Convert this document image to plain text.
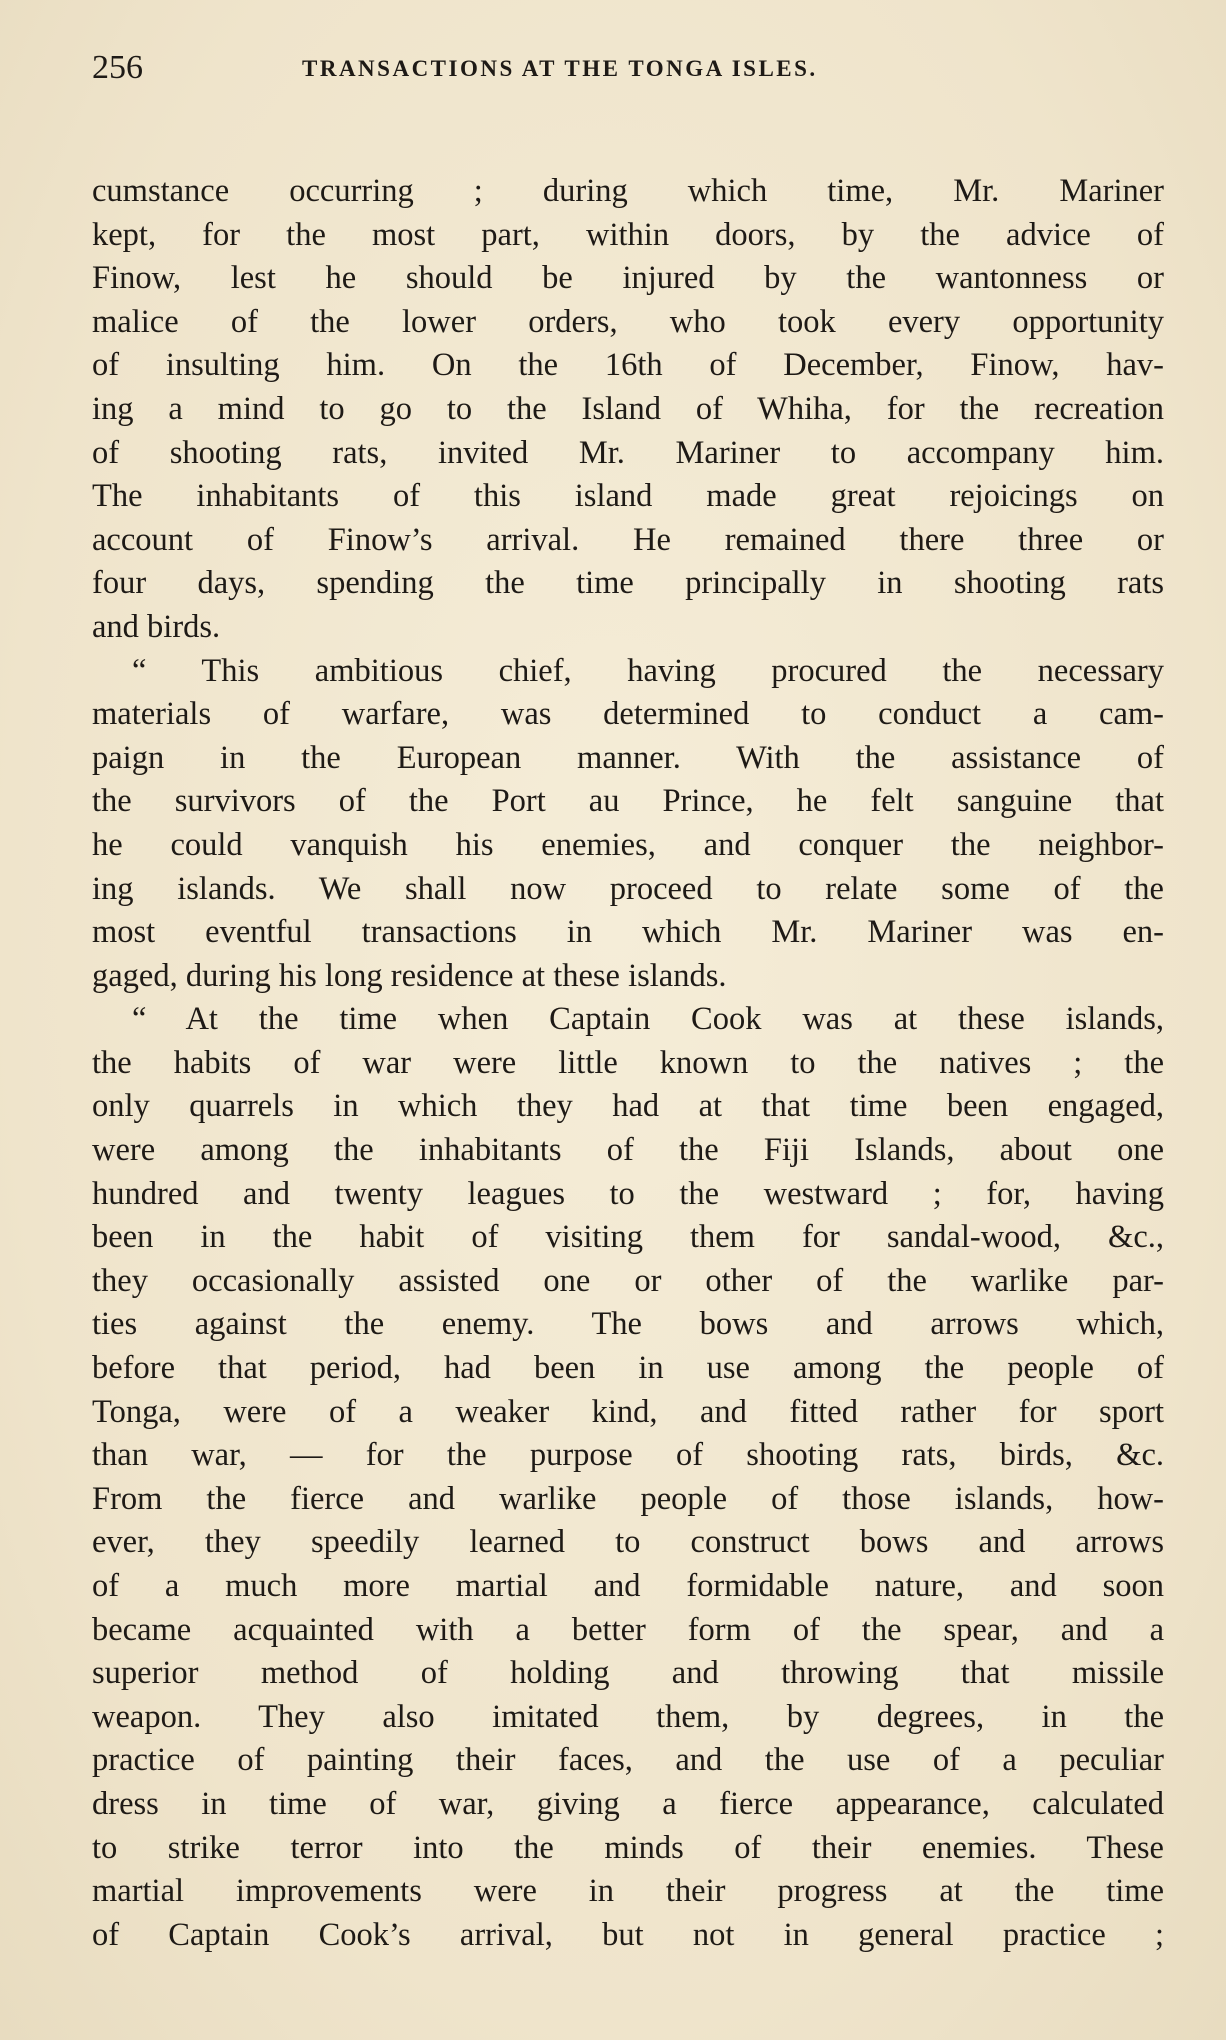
256	TRANSACTIONS AT THE TONGA ISLES.
cumstance occurring ; during which time, Mr. Mariner
kept, for the most part, within doors, by the advice of
Finow, lest he should be injured by the wantonness or
malice of the lower orders, who took every opportunity
of insulting him. On the 16th of December, Finow, hav-
ing a mind to go to the Island of Whiha, for the recreation
of shooting rats, invited Mr. Mariner to accompany him.
The inhabitants of this island made great rejoicings on
account of Finow’s arrival. He remained there three or
four days, spending the time principally in shooting rats
and birds.
“ This ambitious chief, having procured the necessary
materials of warfare, was determined to conduct a cam-
paign in the European manner. With the assistance of
the survivors of the Port au Prince, he felt sanguine that
he could vanquish his enemies, and conquer the neighbor-
ing islands. We shall now proceed to relate some of the
most eventful transactions in which Mr. Mariner was en-
gaged, during his long residence at these islands.
“ At the time when Captain Cook was at these islands,
the habits of war were little known to the natives ; the
only quarrels in which they had at that time been engaged,
were among the inhabitants of the Fiji Islands, about one
hundred and twenty leagues to the westward ; for, having
been in the habit of visiting them for sandal-wood, &c.,
they occasionally assisted one or other of the warlike par-
ties against the enemy. The bows and arrows which,
before that period, had been in use among the people of
Tonga, were of a weaker kind, and fitted rather for sport
than war, — for the purpose of shooting rats, birds, &c.
From the fierce and warlike people of those islands, how-
ever, they speedily learned to construct bows and arrows
of a much more martial and formidable nature, and soon
became acquainted with a better form of the spear, and a
superior method of holding and throwing that missile
weapon. They also imitated them, by degrees, in the
practice of painting their faces, and the use of a peculiar
dress in time of war, giving a fierce appearance, calculated
to strike terror into the minds of their enemies. These
martial improvements were in their progress at the time
of Captain Cook’s arrival, but not in general practice ;
